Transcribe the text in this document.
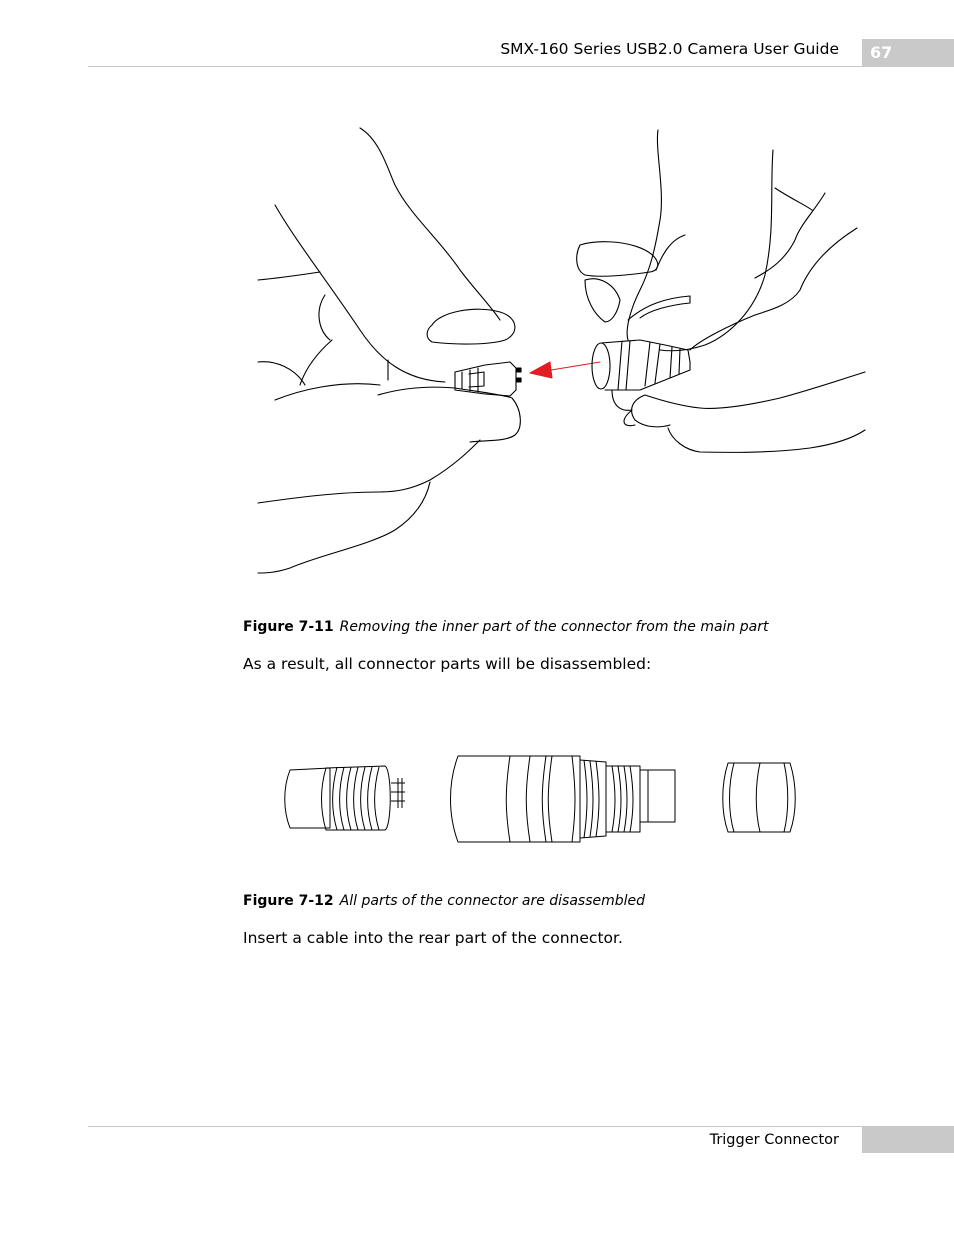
SMX-160 Series USB2.0 Camera User Guide	67
Figure 7-11 Removing the inner part of the connector from the main part
As a result, all connector parts will be disassembled:
Figure 7-12 All parts of the connector are disassembled
Insert a cable into the rear part of the connector.
Trigger Connector
